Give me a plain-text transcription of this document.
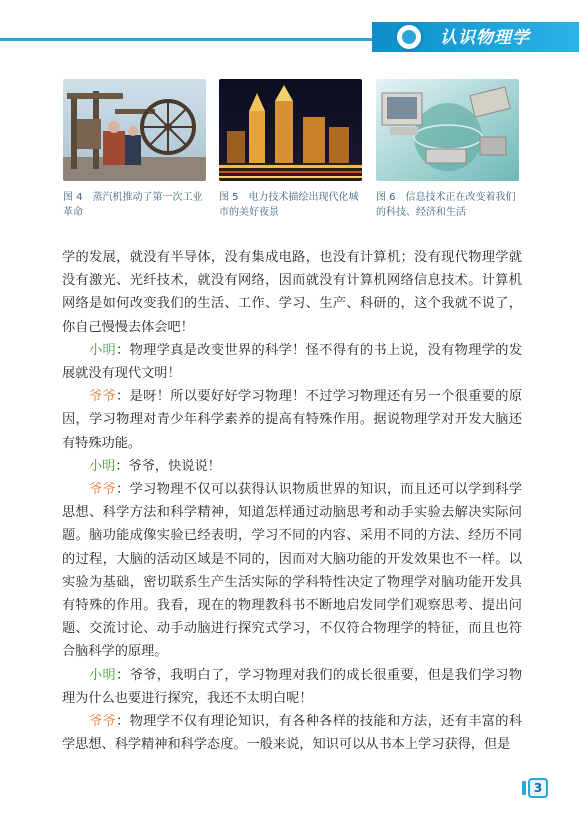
认识物理学
图 4　蒸汽机推动了第一次工业革命
图 5　电力技术描绘出现代化城市的美好夜景
图 6　信息技术正在改变着我们的科技、经济和生活

学的发展，就没有半导体，没有集成电路，也没有计算机；没有现代物理学就没有激光、光纤技术，就没有网络，因而就没有计算机网络信息技术。计算机网络是如何改变我们的生活、工作、学习、生产、科研的，这个我就不说了，你自己慢慢去体会吧！

小明：物理学真是改变世界的科学！怪不得有的书上说，没有物理学的发展就没有现代文明！

爷爷：是呀！所以要好好学习物理！不过学习物理还有另一个很重要的原因，学习物理对青少年科学素养的提高有特殊作用。据说物理学对开发大脑还有特殊功能。

小明：爷爷，快说说！

爷爷：学习物理不仅可以获得认识物质世界的知识，而且还可以学到科学思想、科学方法和科学精神，知道怎样通过动脑思考和动手实验去解决实际问题。脑功能成像实验已经表明，学习不同的内容、采用不同的方法、经历不同的过程，大脑的活动区域是不同的，因而对大脑功能的开发效果也不一样。以实验为基础，密切联系生产生活实际的学科特性决定了物理学对脑功能开发具有特殊的作用。我看，现在的物理教科书不断地启发同学们观察思考、提出问题、交流讨论、动手动脑进行探究式学习，不仅符合物理学的特征，而且也符合脑科学的原理。

小明：爷爷，我明白了，学习物理对我们的成长很重要，但是我们学习物理为什么也要进行探究，我还不太明白呢！

爷爷：物理学不仅有理论知识，有各种各样的技能和方法，还有丰富的科学思想、科学精神和科学态度。一般来说，知识可以从书本上学习获得，但是

3
